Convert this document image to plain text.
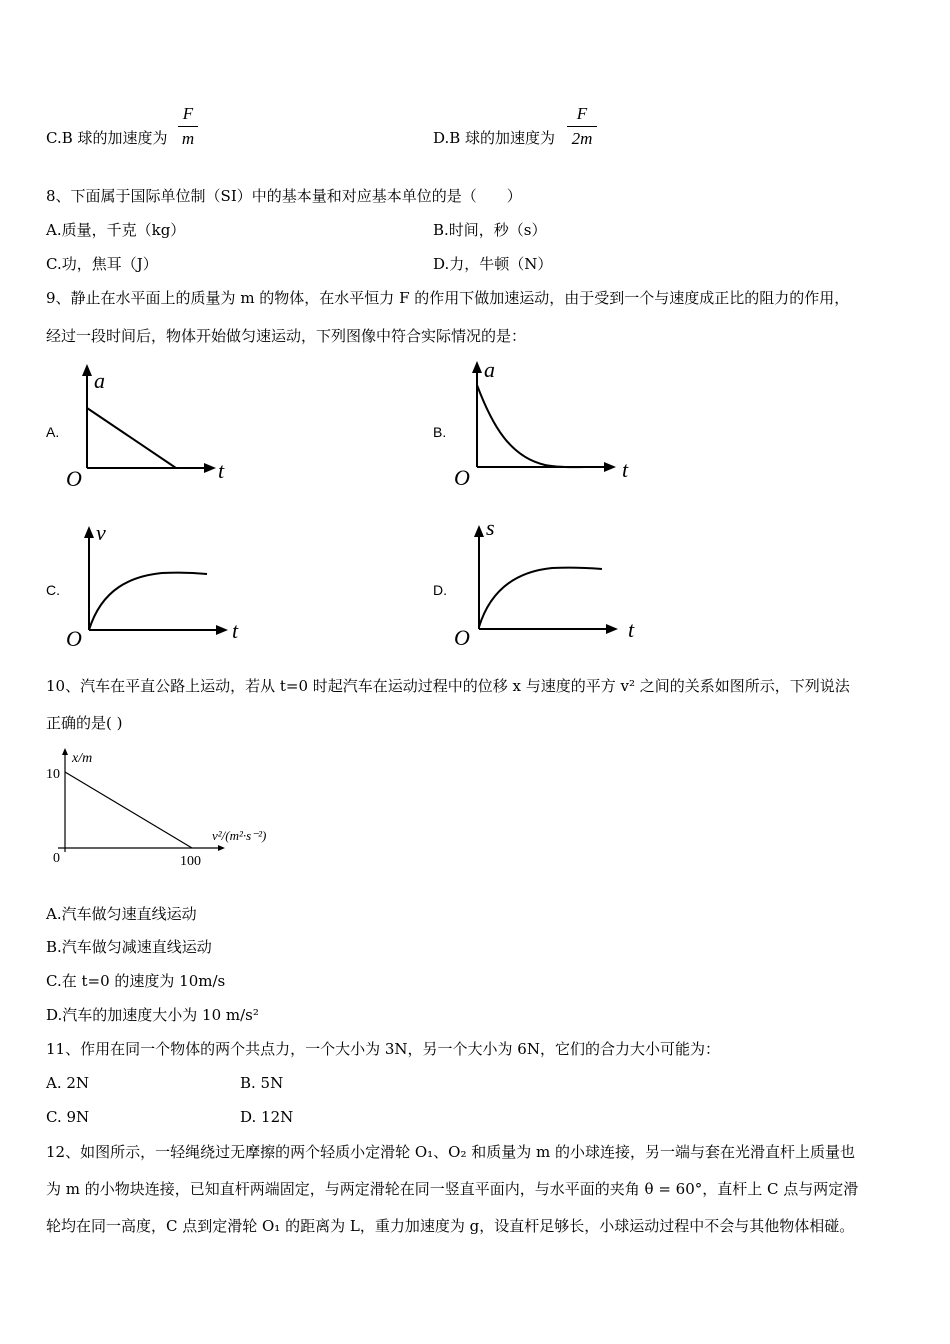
C.B 球的加速度为
F
m	D.B 球的加速度为
F
2m
8、下面属于国际单位制（SI）中的基本量和对应基本单位的是（　　）
A.质量，千克（kg）	B.时间，秒（s）
C.功，焦耳（J）	D.力，牛顿（N）
9、静止在水平面上的质量为 m 的物体，在水平恒力 F 的作用下做加速运动，由于受到一个与速度成正比的阻力的作用，
经过一段时间后，物体开始做匀速运动，下列图像中符合实际情况的是：
A.
a
t
O
B.
a
t
O
C.
v
t
O
D.
s
t
O
10、汽车在平直公路上运动，若从 t=0 时起汽车在运动过程中的位移 x 与速度的平方 v² 之间的关系如图所示，下列说法
正确的是( )
x/m
10
v²/(m²·s⁻²)
100
0
A.汽车做匀速直线运动
B.汽车做匀减速直线运动
C.在 t=0 的速度为 10m/s
D.汽车的加速度大小为 10 m/s²
11、作用在同一个物体的两个共点力，一个大小为 3N，另一个大小为 6N，它们的合力大小可能为：
A. 2N	B. 5N
C. 9N	D. 12N
12、如图所示，一轻绳绕过无摩擦的两个轻质小定滑轮 O₁、O₂ 和质量为 m 的小球连接，另一端与套在光滑直杆上质量也
为 m 的小物块连接，已知直杆两端固定，与两定滑轮在同一竖直平面内，与水平面的夹角 θ = 60°，直杆上 C 点与两定滑
轮均在同一高度，C 点到定滑轮 O₁ 的距离为 L，重力加速度为 g，设直杆足够长，小球运动过程中不会与其他物体相碰。
